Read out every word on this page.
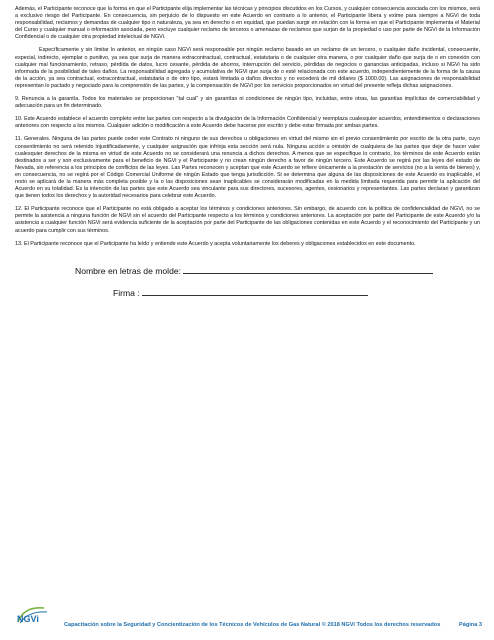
Además, el Participante reconoce que la forma en que el Participante elija implementar las técnicas y principios discutidos en los Cursos, y cualquier consecuencia asociada con los mismos, será a exclusivo riesgo del Participante. En consecuencia, sin perjuicio de lo dispuesto en este Acuerdo en contrario a lo anterior, el Participante libera y exime para siempre a NGVi de toda responsabilidad, reclamos y demandas de cualquier tipo o naturaleza, ya sea en derecho o en equidad, que puedan surgir en relación con la forma en que el Participante implementa el Material del Curso y cualquier manual o información asociada, pero excluye cualquier reclamo de terceros o amenazas de reclamos que surjan de la propiedad o uso por parte de NGVi de la Información Confidencial o de cualquier otra propiedad intelectual de NGVi.

Específicamente y sin limitar lo anterior, en ningún caso NGVi será responsable por ningún reclamo basado en un reclamo de un tercero, o cualquier daño incidental, consecuente, especial, indirecto, ejemplar o punitivo, ya sea que surja de manera extracontractual, contractual, estatutaria o de cualquier otra manera, o por cualquier daño que surja de o en conexión con cualquier mal funcionamiento, retraso, pérdida de datos, lucro cesante, pérdida de ahorros, interrupción del servicio, pérdidas de negocios o ganancias anticipadas, incluso si NGVi ha sido informada de la posibilidad de tales daños. La responsabilidad agregada y acumulativa de NGVi que surja de o esté relacionada con este acuerdo, independientemente de la forma de la causa de la acción, ya sea contractual, extracontractual, estatutaria o de otro tipo, estará limitada a daños directos y no excederá de mil dólares ($ 1000.00). Las asignaciones de responsabilidad representan lo pactado y negociado para la comprensión de las partes, y la compensación de NGVi por los servicios proporcionados en virtud del presente refleja dichas asignaciones.

9. Renuncia a la garantía. Todos los materiales se proporcionan "tal cual" y sin garantías ni condiciones de ningún tipo, incluidas, entre otras, las garantías implícitas de comerciabilidad y adecuación para un fin determinado.

10. Este Acuerdo establece el acuerdo completo entre las partes con respecto a la divulgación de la Información Confidencial y reemplaza cualesquier acuerdos, entendimientos o declaraciones anteriores con respecto a los mismos. Cualquier adición o modificación a este Acuerdo debe hacerse por escrito y debe estar firmada por ambas partes.

11. Generales. Ninguna de las partes puede ceder este Contrato ni ninguno de sus derechos u obligaciones en virtud del mismo sin el previo consentimiento por escrito de la otra parte, cuyo consentimiento no será retenido injustificadamente, y cualquier asignación que infrinja esta sección será nula. Ninguna acción u omisión de cualquiera de las partes que deje de hacer valer cualesquier derechos de la misma en virtud de este Acuerdo no se considerará una renuncia a dichos derechos. A menos que se especifique lo contrario, los términos de este Acuerdo están destinados a ser y son exclusivamente para el beneficio de NGVi y el Participante y no crean ningún derecho a favor de ningún tercero. Este Acuerdo se regirá por las leyes del estado de Nevada, sin referencia a los principios de conflictos de las leyes. Las Partes reconocen y aceptan que este Acuerdo se refiere únicamente a la prestación de servicios (no a la venta de bienes) y, en consecuencia, no se regirá por el Código Comercial Uniforme de ningún Estado que tenga jurisdicción. Si se determina que alguna de las disposiciones de este Acuerdo es inaplicable, el resto se aplicará de la manera más completa posible y la o las disposiciones sean inaplicables se considerarán modificadas en la medida limitada requerida para permitir la aplicación del Acuerdo en su totalidad. Es la intención de las partes que este Acuerdo sea vinculante para sus directores, sucesores, agentes, cesionarios y representantes. Las partes declaran y garantizan que tienen todos los derechos y la autoridad necesarios para celebrar este Acuerdo.

12. El Participante reconoce que el Participante no está obligado a aceptar los términos y condiciones anteriores. Sin embargo, de acuerdo con la política de confidencialidad de NGVi, no se permite la asistencia a ninguna función de NGVi sin el acuerdo del Participante respecto a los términos y condiciones anteriores. La aceptación por parte del Participante de este Acuerdo y/o la asistencia a cualquier función NGVi será evidencia suficiente de la aceptación por parte del Participante de las obligaciones contenidas en este Acuerdo y el reconocimiento del Participante y un acuerdo para cumplir con sus términos.

13. El Participante reconoce que el Participante ha leído y entiende este Acuerdo y acepta voluntariamente los deberes y obligaciones establecidos en este documento.

Nombre en letras de molde:

Firma :

NGVi
Capacitación sobre la Seguridad y Concientización de los Técnicos de Vehículos de Gas Natural © 2018 NGVi Todos los derechos reservados	Página 3
